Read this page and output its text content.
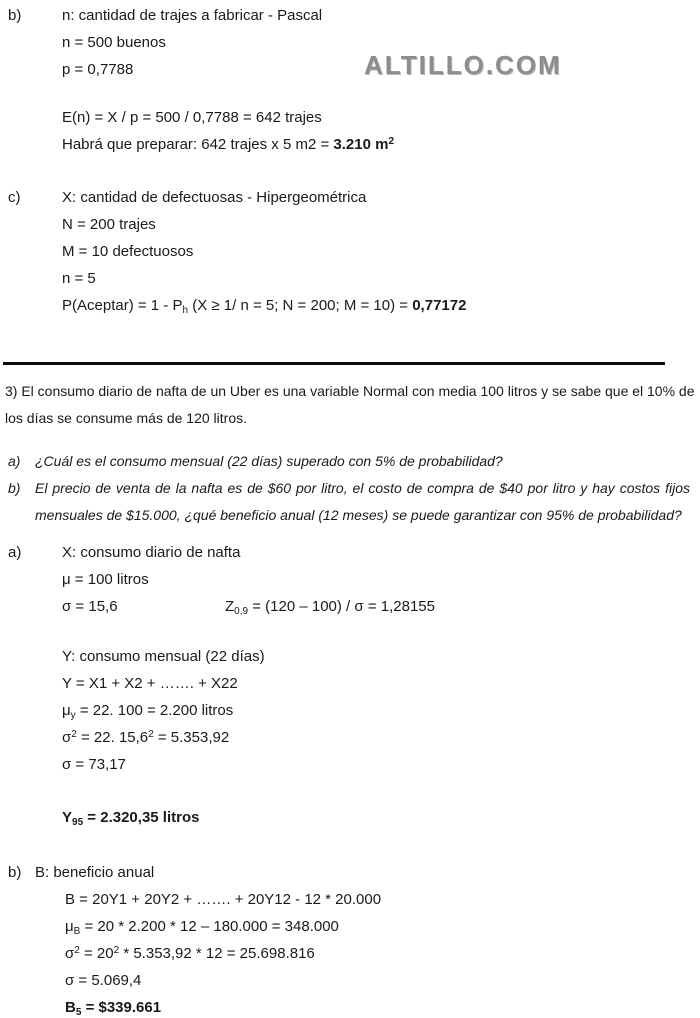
ALTILLO.COM
b)	n: cantidad de trajes a fabricar - Pascal
n = 500 buenos
p = 0,7788
E(n) = X / p = 500 / 0,7788 = 642 trajes
Habrá que preparar: 642 trajes x 5 m2 = 3.210 $m^2$
c)	X: cantidad de defectuosas - Hipergeométrica
N = 200 trajes
M = 10 defectuosos
n = 5
P(Aceptar) = $1 - P_h$ (X ≥ 1/ n = 5; N = 200; M = 10) = 0,77172
3) El consumo diario de nafta de un Uber es una variable Normal con media 100 litros y se sabe que el 10% de los días se consume más de 120 litros.
a)	¿Cuál es el consumo mensual (22 días) superado con 5% de probabilidad?
b)	El precio de venta de la nafta es de $60 por litro, el costo de compra de $40 por litro y hay costos fijos mensuales de $15.000, ¿qué beneficio anual (12 meses) se puede garantizar con 95% de probabilidad?
a)	X: consumo diario de nafta
μ = 100 litros
σ = 15,6	$Z_{0,9} = (120 - 100) / \sigma = 1,28155$
Y: consumo mensual (22 días)
Y = X1 + X2 + ……. + X22
$\mu_y = 22$. 100 = 2.200 litros
$\sigma^2 = 22$. $15,6^2 = 5.353,92$
σ = 73,17
$Y_{95} = 2.320,35$ litros
b) B: beneficio anual
B = 20Y1 + 20Y2 + ……. + 20Y12 - 12 * 20.000
$\mu_B = 20 * 2.200 * 12 - 180.000 = 348.000$
$\sigma^2 = 20^2 * 5.353,92 * 12 = 25.698.816$
σ = 5.069,4
$B_5$ = $339.661
